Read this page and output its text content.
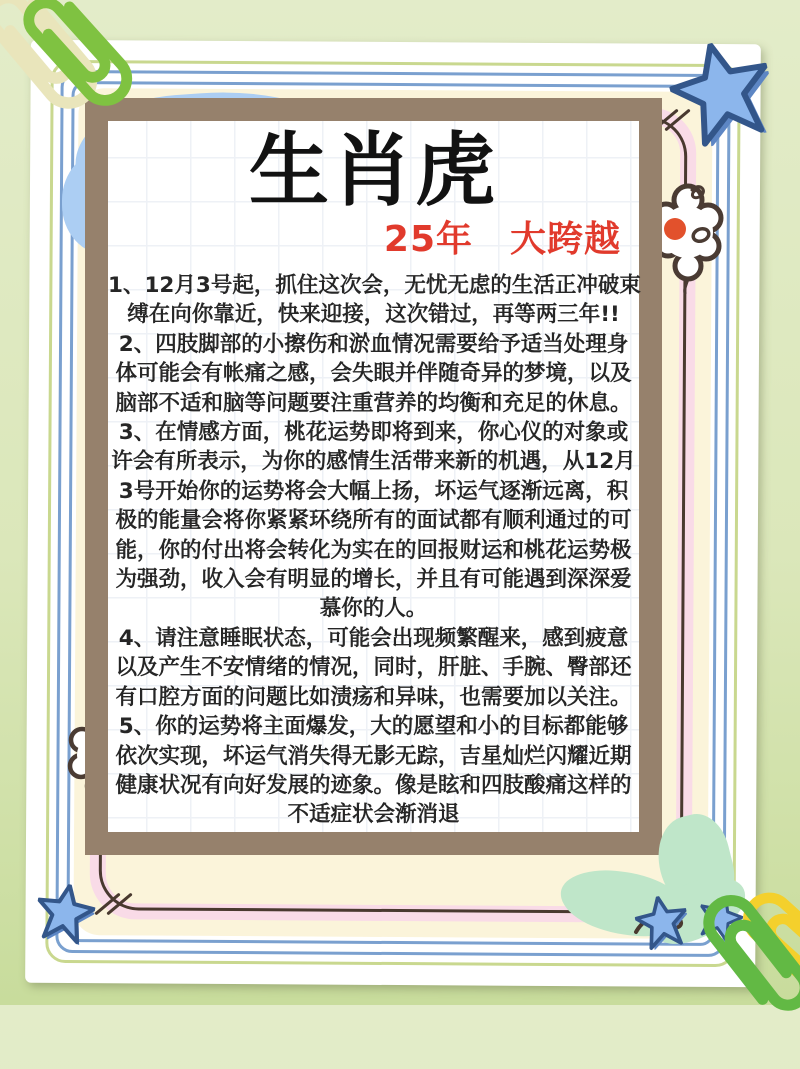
生肖虎
25年　大跨越
1、12月3号起，抓住这次会，无忧无虑的生活正冲破束
缚在向你靠近，快来迎接，这次错过，再等两三年!!
2、四肢脚部的小擦伤和淤血情况需要给予适当处理身
体可能会有帐痛之感，会失眼并伴随奇异的梦境，以及
脑部不适和脑等问题要注重营养的均衡和充足的休息。
3、在情感方面，桃花运势即将到来，你心仪的对象或
许会有所表示，为你的感情生活带来新的机遇，从12月
3号开始你的运势将会大幅上扬，坏运气逐渐远离，积
极的能量会将你紧紧环绕所有的面试都有顺利通过的可
能，你的付出将会转化为实在的回报财运和桃花运势极
为强劲，收入会有明显的增长，并且有可能遇到深深爱
慕你的人。
4、请注意睡眠状态，可能会出现频繁醒来，感到疲意
以及产生不安情绪的情况，同时，肝脏、手腕、臀部还
有口腔方面的问题比如渍疡和异味，也需要加以关注。
5、你的运势将主面爆发，大的愿望和小的目标都能够
依次实现，坏运气消失得无影无踪，吉星灿烂闪耀近期
健康状况有向好发展的迹象。像是眩和四肢酸痛这样的
不适症状会渐消退
